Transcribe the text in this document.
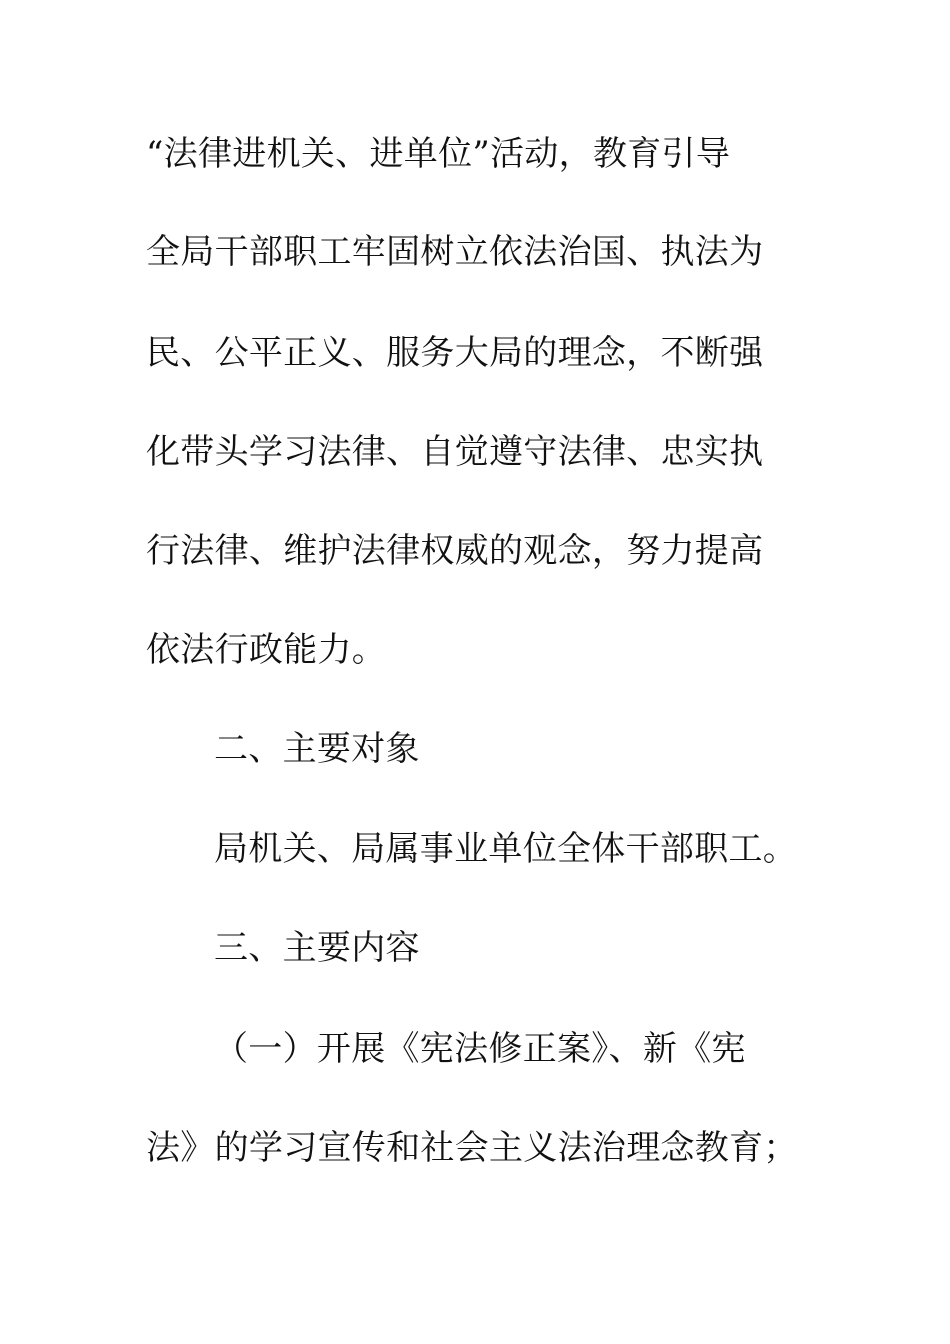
“法律进机关、进单位”活动，教育引导
全局干部职工牢固树立依法治国、执法为
民、公平正义、服务大局的理念，不断强
化带头学习法律、自觉遵守法律、忠实执
行法律、维护法律权威的观念，努力提高
依法行政能力。
二、主要对象
局机关、局属事业单位全体干部职工。
三、主要内容
（一）开展《宪法修正案》、新《宪
法》的学习宣传和社会主义法治理念教育；
